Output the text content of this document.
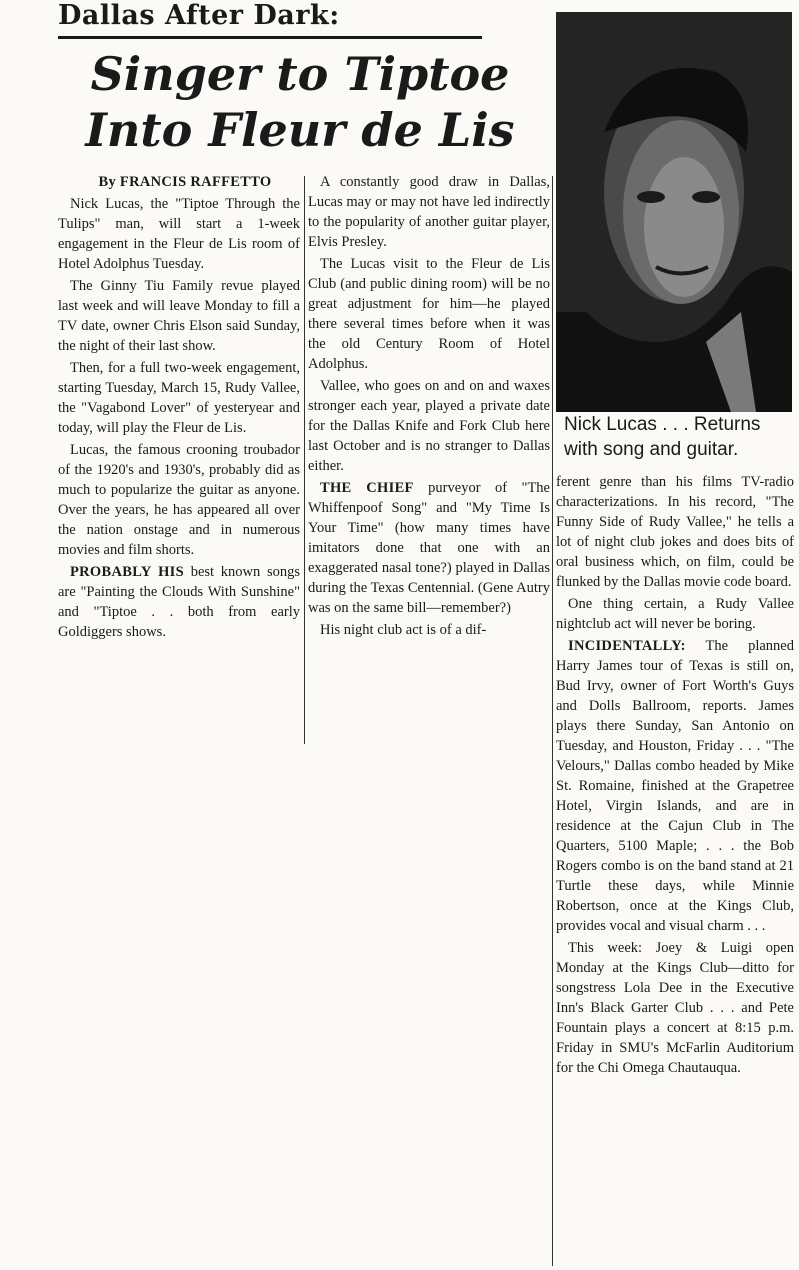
Dallas After Dark:
Singer to Tiptoe
Into Fleur de Lis

By FRANCIS RAFFETTO

Nick Lucas, the "Tiptoe Through the Tulips" man, will start a 1-week engagement in the Fleur de Lis room of Hotel Adolphus Tuesday.

The Ginny Tiu Family revue played last week and will leave Monday to fill a TV date, owner Chris Elson said Sunday, the night of their last show.

Then, for a full two-week engagement, starting Tuesday, March 15, Rudy Vallee, the "Vagabond Lover" of yesteryear and today, will play the Fleur de Lis.

Lucas, the famous crooning troubador of the 1920's and 1930's, probably did as much to popularize the guitar as anyone. Over the years, he has appeared all over the nation onstage and in numerous movies and film shorts.

PROBABLY HIS best known songs are "Painting the Clouds With Sunshine" and "Tiptoe . . both from early Goldiggers shows.

A constantly good draw in Dallas, Lucas may or may not have led indirectly to the popularity of another guitar player, Elvis Presley.

The Lucas visit to the Fleur de Lis Club (and public dining room) will be no great adjustment for him—he played there several times before when it was the old Century Room of Hotel Adolphus.

Vallee, who goes on and on and waxes stronger each year, played a private date for the Dallas Knife and Fork Club here last October and is no stranger to Dallas either.

THE CHIEF purveyor of "The Whiffenpoof Song" and "My Time Is Your Time" (how many times have imitators done that one with an exaggerated nasal tone?) played in Dallas during the Texas Centennial. (Gene Autry was on the same bill—remember?)

His night club act is of a dif-

Nick Lucas . . . Returns
with song and guitar.

ferent genre than his films TV-radio characterizations. In his record, "The Funny Side of Rudy Vallee," he tells a lot of night club jokes and does bits of oral business which, on film, could be flunked by the Dallas movie code board.

One thing certain, a Rudy Vallee nightclub act will never be boring.

INCIDENTALLY: The planned Harry James tour of Texas is still on, Bud Irvy, owner of Fort Worth's Guys and Dolls Ballroom, reports. James plays there Sunday, San Antonio on Tuesday, and Houston, Friday . . . "The Velours," Dallas combo headed by Mike St. Romaine, finished at the Grapetree Hotel, Virgin Islands, and are in residence at the Cajun Club in The Quarters, 5100 Maple; . . . the Bob Rogers combo is on the band stand at 21 Turtle these days, while Minnie Robertson, once at the Kings Club, provides vocal and visual charm . . .

This week: Joey & Luigi open Monday at the Kings Club—ditto for songstress Lola Dee in the Executive Inn's Black Garter Club . . . and Pete Fountain plays a concert at 8:15 p.m. Friday in SMU's McFarlin Auditorium for the Chi Omega Chautauqua.
